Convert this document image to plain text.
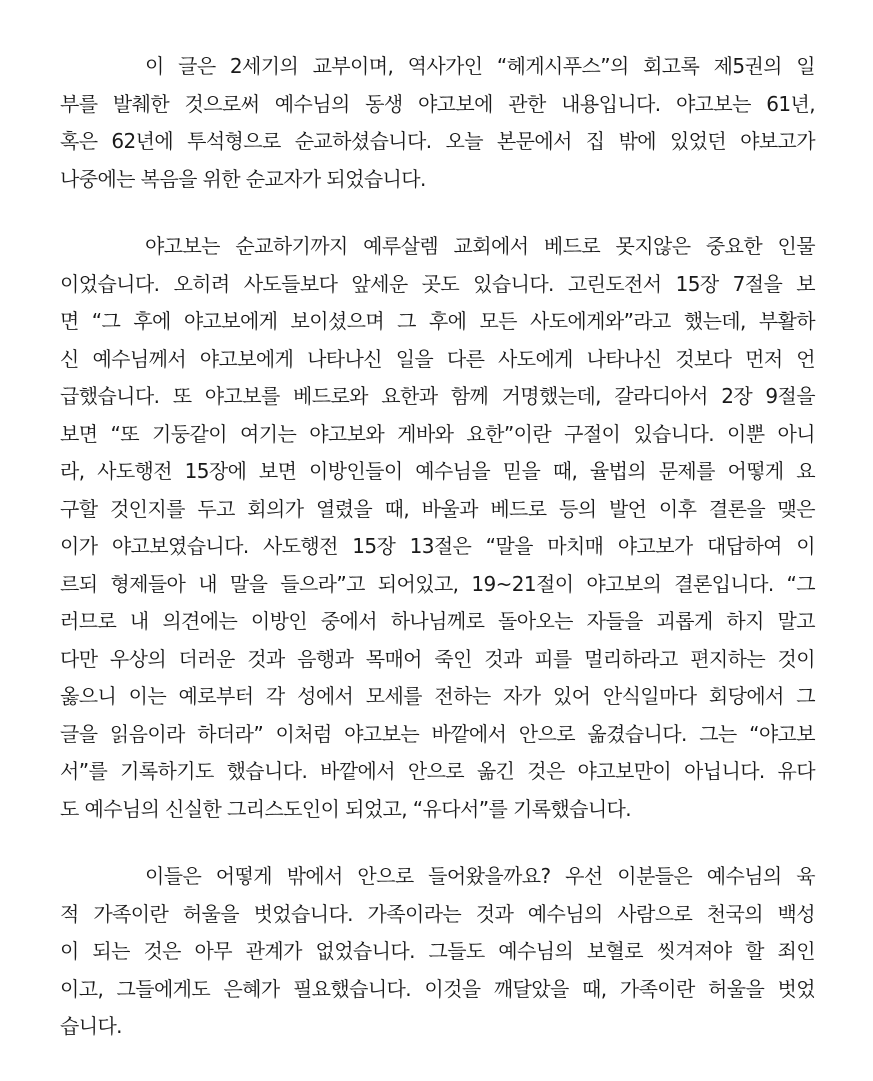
이 글은 2세기의 교부이며, 역사가인 “헤게시푸스”의 회고록 제5권의 일
부를 발췌한 것으로써 예수님의 동생 야고보에 관한 내용입니다. 야고보는 61년,
혹은 62년에 투석형으로 순교하셨습니다. 오늘 본문에서 집 밖에 있었던 야보고가
나중에는 복음을 위한 순교자가 되었습니다.
야고보는 순교하기까지 예루살렘 교회에서 베드로 못지않은 중요한 인물
이었습니다. 오히려 사도들보다 앞세운 곳도 있습니다. 고린도전서 15장 7절을 보
면 “그 후에 야고보에게 보이셨으며 그 후에 모든 사도에게와”라고 했는데, 부활하
신 예수님께서 야고보에게 나타나신 일을 다른 사도에게 나타나신 것보다 먼저 언
급했습니다. 또 야고보를 베드로와 요한과 함께 거명했는데, 갈라디아서 2장 9절을
보면 “또 기둥같이 여기는 야고보와 게바와 요한”이란 구절이 있습니다. 이뿐 아니
라, 사도행전 15장에 보면 이방인들이 예수님을 믿을 때, 율법의 문제를 어떻게 요
구할 것인지를 두고 회의가 열렸을 때, 바울과 베드로 등의 발언 이후 결론을 맺은
이가 야고보였습니다. 사도행전 15장 13절은 “말을 마치매 야고보가 대답하여 이
르되 형제들아 내 말을 들으라”고 되어있고, 19~21절이 야고보의 결론입니다. “그
러므로 내 의견에는 이방인 중에서 하나님께로 돌아오는 자들을 괴롭게 하지 말고
다만 우상의 더러운 것과 음행과 목매어 죽인 것과 피를 멀리하라고 편지하는 것이
옳으니 이는 예로부터 각 성에서 모세를 전하는 자가 있어 안식일마다 회당에서 그
글을 읽음이라 하더라” 이처럼 야고보는 바깥에서 안으로 옮겼습니다. 그는 “야고보
서”를 기록하기도 했습니다. 바깥에서 안으로 옮긴 것은 야고보만이 아닙니다. 유다
도 예수님의 신실한 그리스도인이 되었고, “유다서”를 기록했습니다.
이들은 어떻게 밖에서 안으로 들어왔을까요? 우선 이분들은 예수님의 육
적 가족이란 허울을 벗었습니다. 가족이라는 것과 예수님의 사람으로 천국의 백성
이 되는 것은 아무 관계가 없었습니다. 그들도 예수님의 보혈로 씻겨져야 할 죄인
이고, 그들에게도 은혜가 필요했습니다. 이것을 깨달았을 때, 가족이란 허울을 벗었
습니다.
